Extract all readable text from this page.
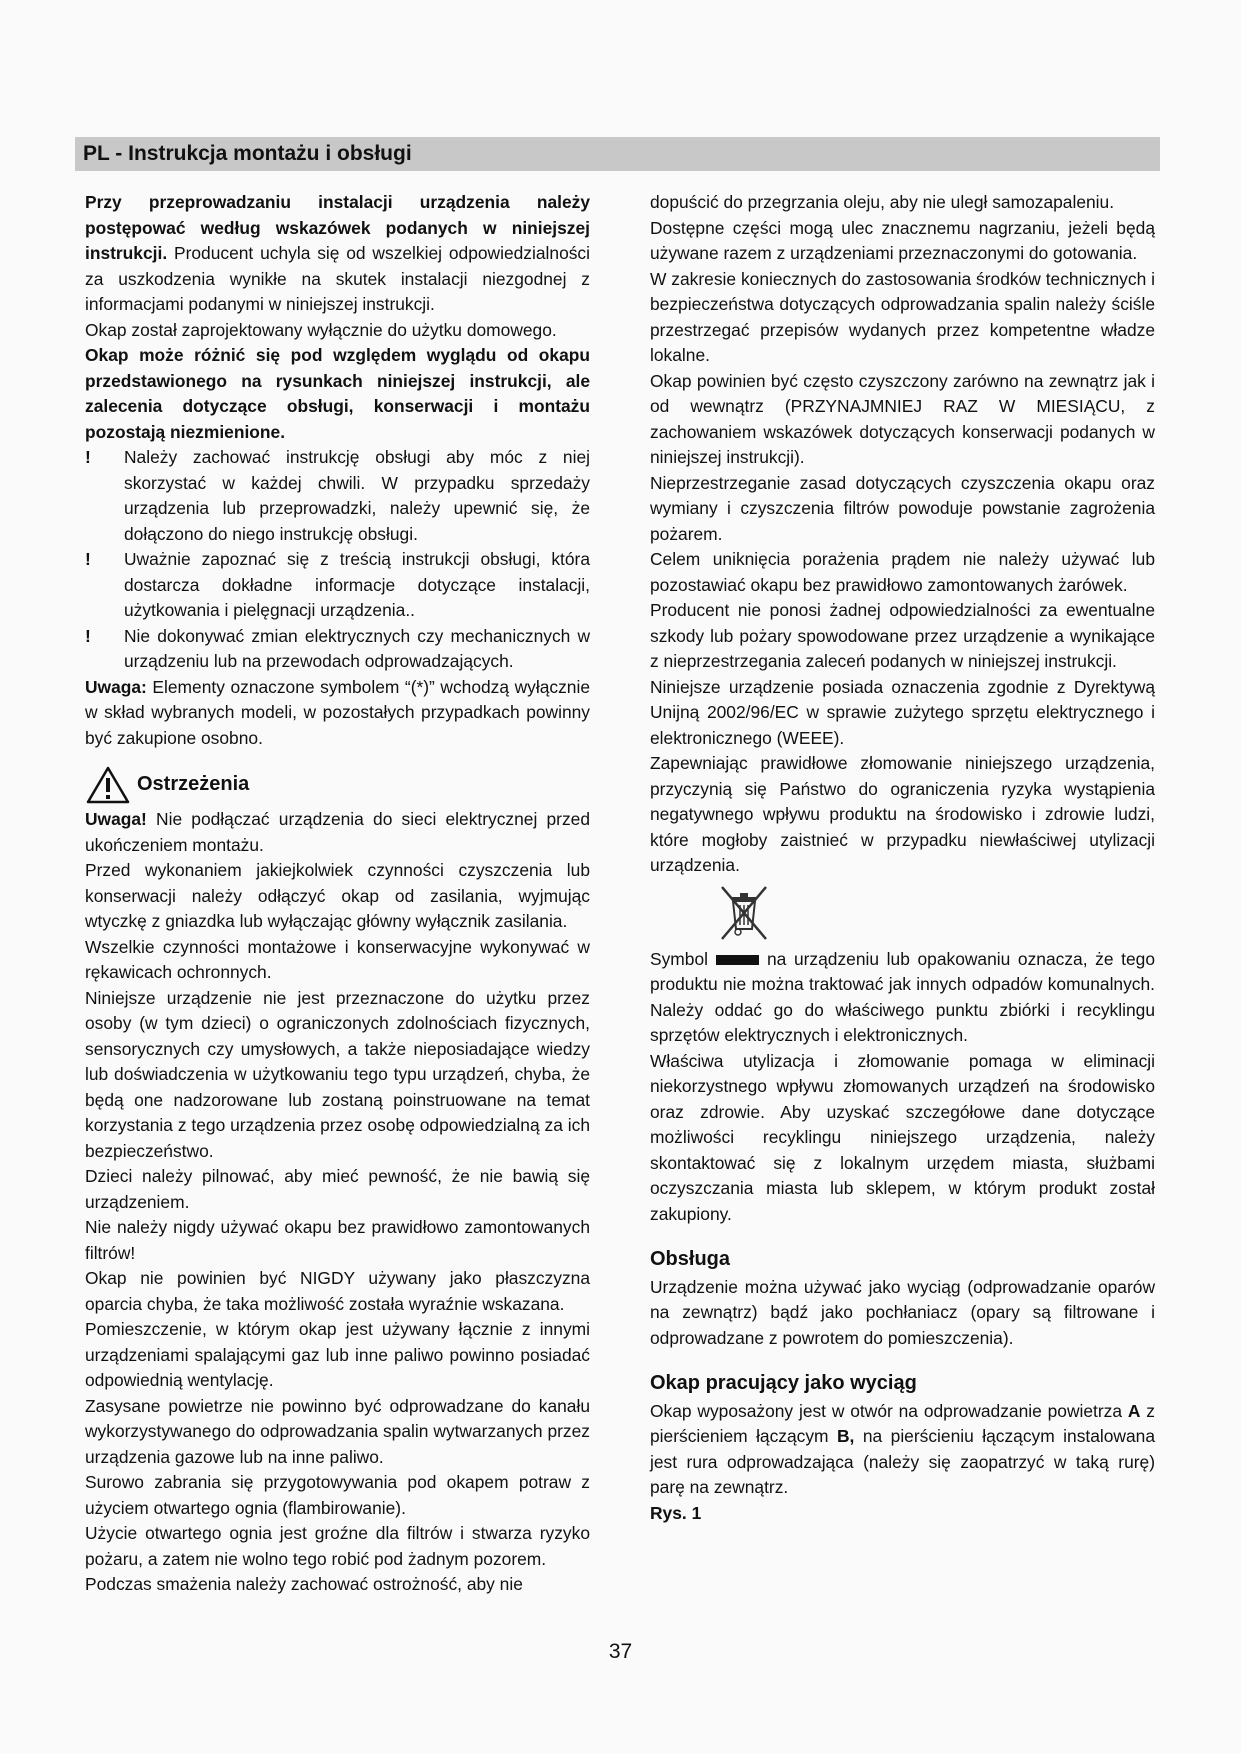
PL - Instrukcja montażu i obsługi

Przy przeprowadzaniu instalacji urządzenia należy postępować według wskazówek podanych w niniejszej instrukcji. Producent uchyla się od wszelkiej odpowiedzialności za uszkodzenia wynikłe na skutek instalacji niezgodnej z informacjami podanymi w niniejszej instrukcji.

Okap został zaprojektowany wyłącznie do użytku domowego.

Okap może różnić się pod względem wyglądu od okapu przedstawionego na rysunkach niniejszej instrukcji, ale zalecenia dotyczące obsługi, konserwacji i montażu pozostają niezmienione.

!	Należy zachować instrukcję obsługi aby móc z niej skorzystać w każdej chwili. W przypadku sprzedaży urządzenia lub przeprowadzki, należy upewnić się, że dołączono do niego instrukcję obsługi.
!	Uważnie zapoznać się z treścią instrukcji obsługi, która dostarcza dokładne informacje dotyczące instalacji, użytkowania i pielęgnacji urządzenia..
!	Nie dokonywać zmian elektrycznych czy mechanicznych w urządzeniu lub na przewodach odprowadzających.

Uwaga: Elementy oznaczone symbolem “(*)” wchodzą wyłącznie w skład wybranych modeli, w pozostałych przypadkach powinny być zakupione osobno.

Ostrzeżenia

Uwaga! Nie podłączać urządzenia do sieci elektrycznej przed ukończeniem montażu.

Przed wykonaniem jakiejkolwiek czynności czyszczenia lub konserwacji należy odłączyć okap od zasilania, wyjmując wtyczkę z gniazdka lub wyłączając główny wyłącznik zasilania.

Wszelkie czynności montażowe i konserwacyjne wykonywać w rękawicach ochronnych.

Niniejsze urządzenie nie jest przeznaczone do użytku przez osoby (w tym dzieci) o ograniczonych zdolnościach fizycznych, sensorycznych czy umysłowych, a także nieposiadające wiedzy lub doświadczenia w użytkowaniu tego typu urządzeń, chyba, że będą one nadzorowane lub zostaną poinstruowane na temat korzystania z tego urządzenia przez osobę odpowiedzialną za ich bezpieczeństwo.

Dzieci należy pilnować, aby mieć pewność, że nie bawią się urządzeniem.

Nie należy nigdy używać okapu bez prawidłowo zamontowanych filtrów!

Okap nie powinien być NIGDY używany jako płaszczyzna oparcia chyba, że taka możliwość została wyraźnie wskazana.

Pomieszczenie, w którym okap jest używany łącznie z innymi urządzeniami spalającymi gaz lub inne paliwo powinno posiadać odpowiednią wentylację.

Zasysane powietrze nie powinno być odprowadzane do kanału wykorzystywanego do odprowadzania spalin wytwarzanych przez urządzenia gazowe lub na inne paliwo.

Surowo zabrania się przygotowywania pod okapem potraw z użyciem otwartego ognia (flambirowanie).

Użycie otwartego ognia jest groźne dla filtrów i stwarza ryzyko pożaru, a zatem nie wolno tego robić pod żadnym pozorem.

Podczas smażenia należy zachować ostrożność, aby nie

dopuścić do przegrzania oleju, aby nie uległ samozapaleniu.

Dostępne części mogą ulec znacznemu nagrzaniu, jeżeli będą używane razem z urządzeniami przeznaczonymi do gotowania.

W zakresie koniecznych do zastosowania środków technicznych i bezpieczeństwa dotyczących odprowadzania spalin należy ściśle przestrzegać przepisów wydanych przez kompetentne władze lokalne.

Okap powinien być często czyszczony zarówno na zewnątrz jak i od wewnątrz (PRZYNAJMNIEJ RAZ W MIESIĄCU, z zachowaniem wskazówek dotyczących konserwacji podanych w niniejszej instrukcji).

Nieprzestrzeganie zasad dotyczących czyszczenia okapu oraz wymiany i czyszczenia filtrów powoduje powstanie zagrożenia pożarem.

Celem uniknięcia porażenia prądem nie należy używać lub pozostawiać okapu bez prawidłowo zamontowanych żarówek.

Producent nie ponosi żadnej odpowiedzialności za ewentualne szkody lub pożary spowodowane przez urządzenie a wynikające z nieprzestrzegania zaleceń podanych w niniejszej instrukcji.

Niniejsze urządzenie posiada oznaczenia zgodnie z Dyrektywą Unijną 2002/96/EC w sprawie zużytego sprzętu elektrycznego i elektronicznego (WEEE).

Zapewniając prawidłowe złomowanie niniejszego urządzenia, przyczynią się Państwo do ograniczenia ryzyka wystąpienia negatywnego wpływu produktu na środowisko i zdrowie ludzi, które mogłoby zaistnieć w przypadku niewłaściwej utylizacji urządzenia.

Symbol	na urządzeniu lub opakowaniu oznacza, że tego produktu nie można traktować jak innych odpadów komunalnych. Należy oddać go do właściwego punktu zbiórki i recyklingu sprzętów elektrycznych i elektronicznych.

Właściwa utylizacja i złomowanie pomaga w eliminacji niekorzystnego wpływu złomowanych urządzeń na środowisko oraz zdrowie. Aby uzyskać szczegółowe dane dotyczące możliwości recyklingu niniejszego urządzenia, należy skontaktować się z lokalnym urzędem miasta, służbami oczyszczania miasta lub sklepem, w którym produkt został zakupiony.

Obsługa

Urządzenie można używać jako wyciąg (odprowadzanie oparów na zewnątrz) bądź jako pochłaniacz (opary są filtrowane i odprowadzane z powrotem do pomieszczenia).

Okap pracujący jako wyciąg

Okap wyposażony jest w otwór na odprowadzanie powietrza A z pierścieniem łączącym B, na pierścieniu łączącym instalowana jest rura odprowadzająca (należy się zaopatrzyć w taką rurę) parę na zewnątrz.

Rys. 1

37
